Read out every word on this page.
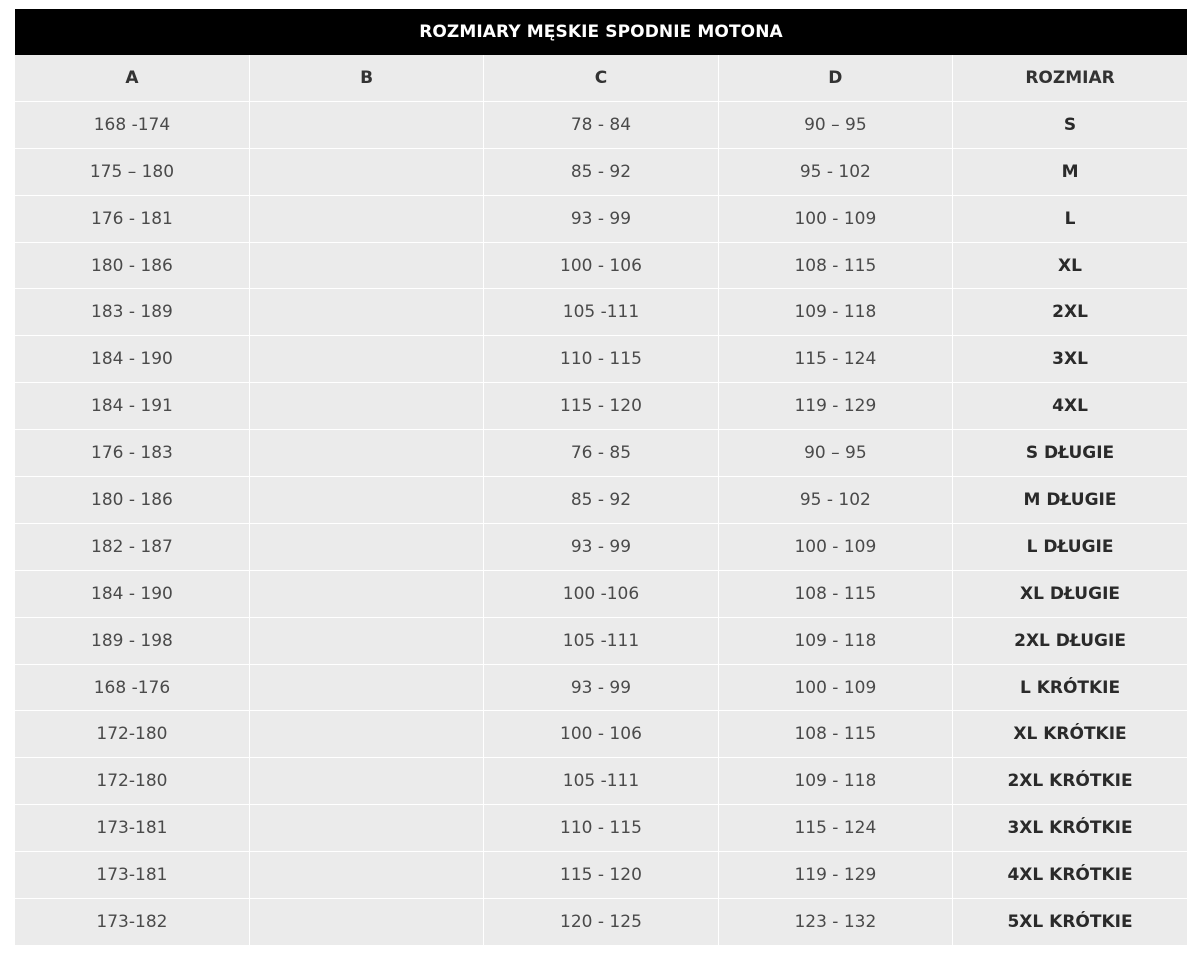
ROZMIARY MĘSKIE SPODNIE MOTONA
A	B	C	D	ROZMIAR
168 -174		78 - 84	90 – 95	S
175 – 180		85 - 92	95 - 102	M
176 - 181		93 - 99	100 - 109	L
180 - 186		100 - 106	108 - 115	XL
183 - 189		105 -111	109 - 118	2XL
184 - 190		110 - 115	115 - 124	3XL
184 - 191		115 - 120	119 - 129	4XL
176 - 183		76 - 85	90 – 95	S DŁUGIE
180 - 186		85 - 92	95 - 102	M DŁUGIE
182 - 187		93 - 99	100 - 109	L DŁUGIE
184 - 190		100 -106	108 - 115	XL DŁUGIE
189 - 198		105 -111	109 - 118	2XL DŁUGIE
168 -176		93 - 99	100 - 109	L KRÓTKIE
172-180		100 - 106	108 - 115	XL KRÓTKIE
172-180		105 -111	109 - 118	2XL KRÓTKIE
173-181		110 - 115	115 - 124	3XL KRÓTKIE
173-181		115 - 120	119 - 129	4XL KRÓTKIE
173-182		120 - 125	123 - 132	5XL KRÓTKIE
